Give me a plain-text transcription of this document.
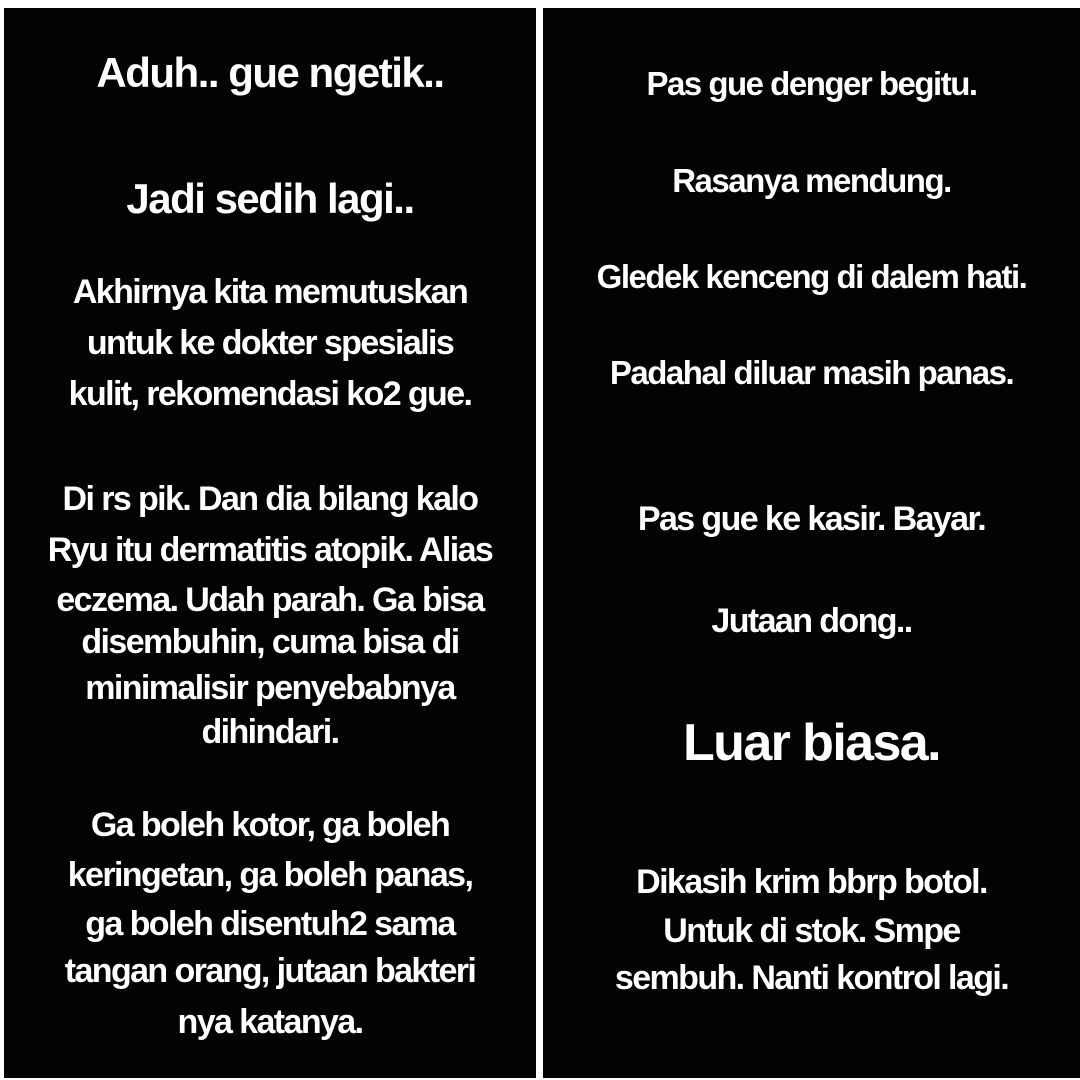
Aduh.. gue ngetik..

Jadi sedih lagi..

Akhirnya kita memutuskan

untuk ke dokter spesialis

kulit, rekomendasi ko2 gue.

Di rs pik. Dan dia bilang kalo

Ryu itu dermatitis atopik. Alias

eczema. Udah parah. Ga bisa

disembuhin, cuma bisa di

minimalisir penyebabnya

dihindari.

Ga boleh kotor, ga boleh

keringetan, ga boleh panas,

ga boleh disentuh2 sama

tangan orang, jutaan bakteri

nya katanya.

Pas gue denger begitu.

Rasanya mendung.

Gledek kenceng di dalem hati.

Padahal diluar masih panas.

Pas gue ke kasir. Bayar.

Jutaan dong..

Luar biasa.

Dikasih krim bbrp botol.

Untuk di stok. Smpe

sembuh. Nanti kontrol lagi.
